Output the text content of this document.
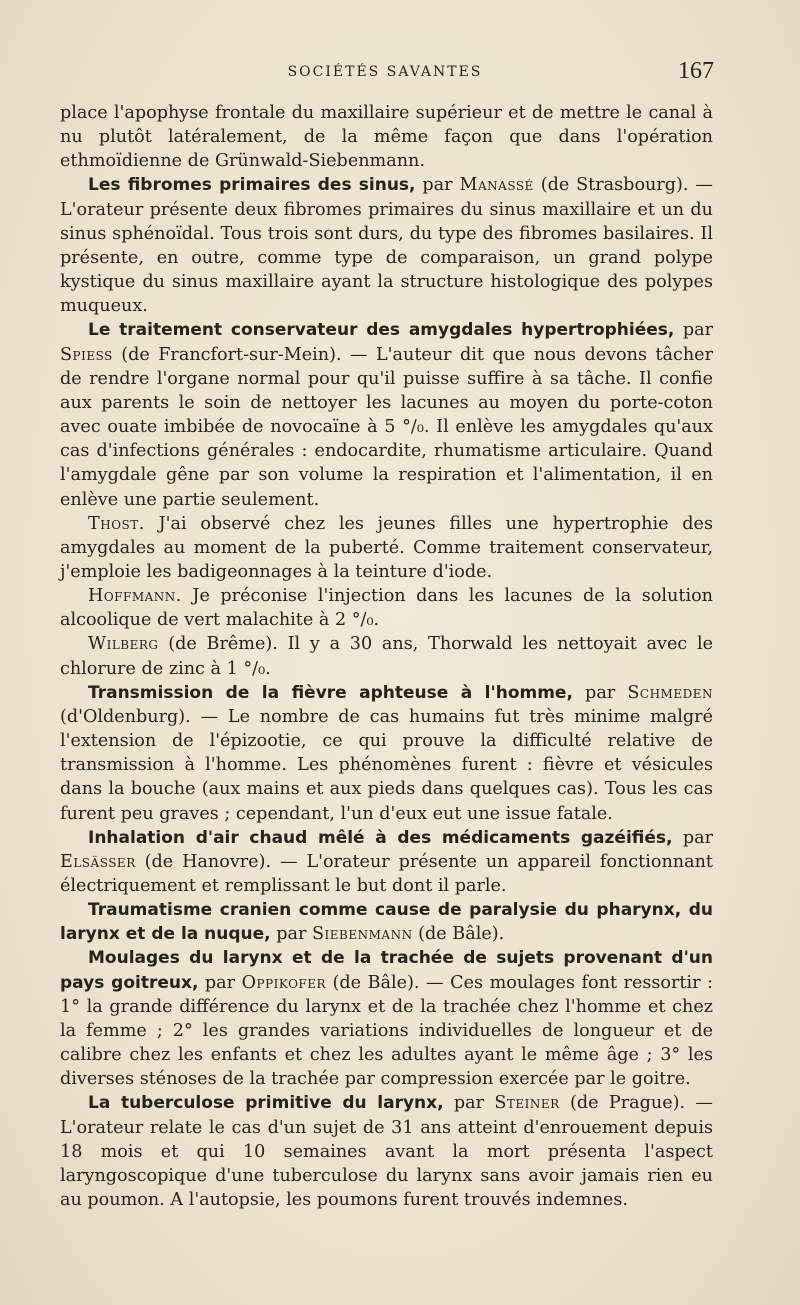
SOCIÉTÉS SAVANTES	167

place l'apophyse frontale du maxillaire supérieur et de mettre le canal à nu plutôt latéralement, de la même façon que dans l'opération ethmoïdienne de Grünwald-Siebenmann.

Les fibromes primaires des sinus, par Manassé (de Strasbourg). — L'orateur présente deux fibromes primaires du sinus maxillaire et un du sinus sphénoïdal. Tous trois sont durs, du type des fibromes basilaires. Il présente, en outre, comme type de comparaison, un grand polype kystique du sinus maxillaire ayant la structure histologique des polypes muqueux.

Le traitement conservateur des amygdales hypertrophiées, par Spiess (de Francfort-sur-Mein). — L'auteur dit que nous devons tâcher de rendre l'organe normal pour qu'il puisse suffire à sa tâche. Il confie aux parents le soin de nettoyer les lacunes au moyen du porte-coton avec ouate imbibée de novocaïne à 5 °/₀. Il enlève les amygdales qu'aux cas d'infections générales : endocardite, rhumatisme articulaire. Quand l'amygdale gêne par son volume la respiration et l'alimentation, il en enlève une partie seulement.

Thost. J'ai observé chez les jeunes filles une hypertrophie des amygdales au moment de la puberté. Comme traitement conservateur, j'emploie les badigeonnages à la teinture d'iode.

Hoffmann. Je préconise l'injection dans les lacunes de la solution alcoolique de vert malachite à 2 °/₀.

Wilberg (de Brême). Il y a 30 ans, Thorwald les nettoyait avec le chlorure de zinc à 1 °/₀.

Transmission de la fièvre aphteuse à l'homme, par Schmeden (d'Oldenburg). — Le nombre de cas humains fut très minime malgré l'extension de l'épizootie, ce qui prouve la difficulté relative de transmission à l'homme. Les phénomènes furent : fièvre et vésicules dans la bouche (aux mains et aux pieds dans quelques cas). Tous les cas furent peu graves ; cependant, l'un d'eux eut une issue fatale.

Inhalation d'air chaud mêlé à des médicaments gazéifiés, par Elsässer (de Hanovre). — L'orateur présente un appareil fonctionnant électriquement et remplissant le but dont il parle.

Traumatisme cranien comme cause de paralysie du pharynx, du larynx et de la nuque, par Siebenmann (de Bâle).

Moulages du larynx et de la trachée de sujets provenant d'un pays goitreux, par Oppikofer (de Bâle). — Ces moulages font ressortir : 1° la grande différence du larynx et de la trachée chez l'homme et chez la femme ; 2° les grandes variations individuelles de longueur et de calibre chez les enfants et chez les adultes ayant le même âge ; 3° les diverses sténoses de la trachée par compression exercée par le goitre.

La tuberculose primitive du larynx, par Steiner (de Prague). — L'orateur relate le cas d'un sujet de 31 ans atteint d'enrouement depuis 18 mois et qui 10 semaines avant la mort présenta l'aspect laryngoscopique d'une tuberculose du larynx sans avoir jamais rien eu au poumon. A l'autopsie, les poumons furent trouvés indemnes.
